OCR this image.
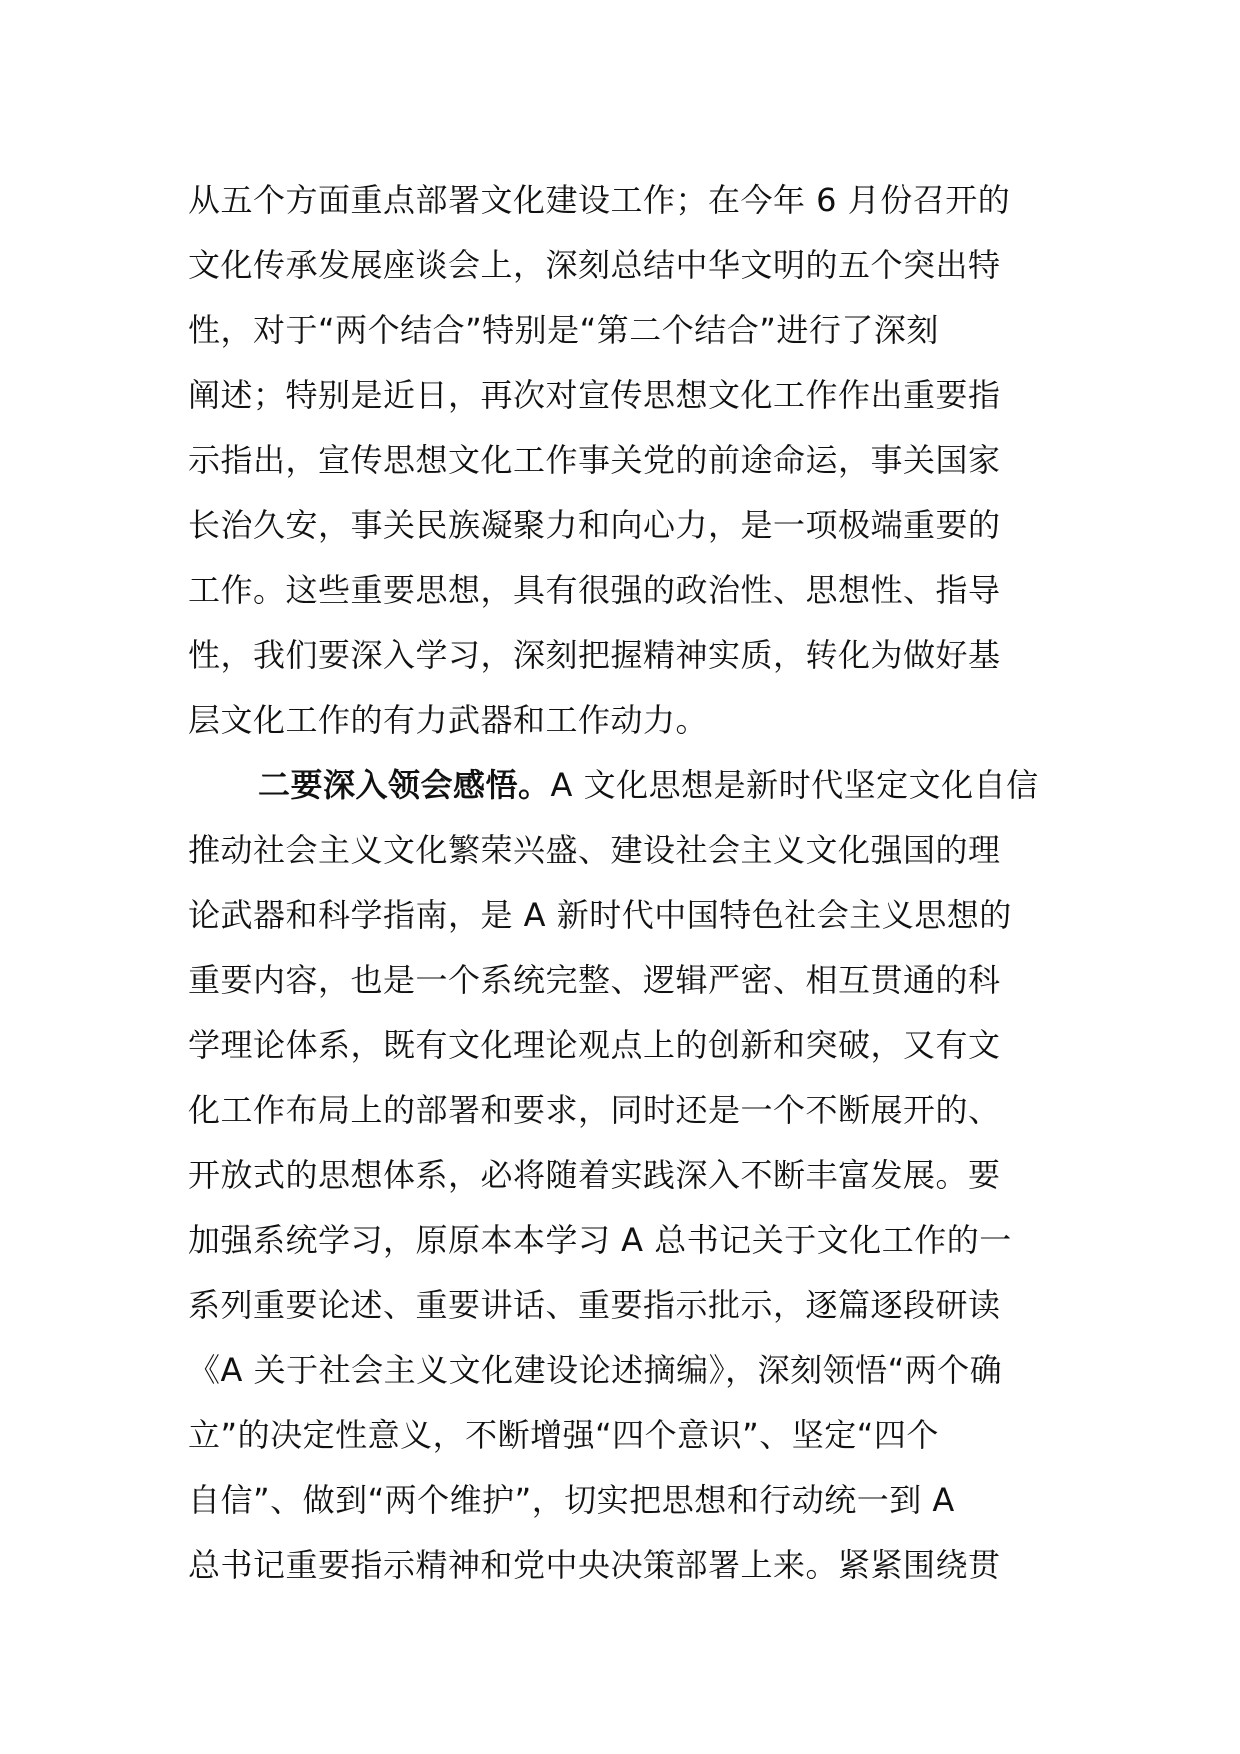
从五个方面重点部署文化建设工作；在今年 6 月份召开的
文化传承发展座谈会上，深刻总结中华文明的五个突出特
性，对于“两个结合”特别是“第二个结合”进行了深刻
阐述；特别是近日，再次对宣传思想文化工作作出重要指
示指出，宣传思想文化工作事关党的前途命运，事关国家
长治久安，事关民族凝聚力和向心力，是一项极端重要的
工作。这些重要思想，具有很强的政治性、思想性、指导
性，我们要深入学习，深刻把握精神实质，转化为做好基
层文化工作的有力武器和工作动力。
二要深入领会感悟。A 文化思想是新时代坚定文化自信
推动社会主义文化繁荣兴盛、建设社会主义文化强国的理
论武器和科学指南，是 A 新时代中国特色社会主义思想的
重要内容，也是一个系统完整、逻辑严密、相互贯通的科
学理论体系，既有文化理论观点上的创新和突破，又有文
化工作布局上的部署和要求，同时还是一个不断展开的、
开放式的思想体系，必将随着实践深入不断丰富发展。要
加强系统学习，原原本本学习 A 总书记关于文化工作的一
系列重要论述、重要讲话、重要指示批示，逐篇逐段研读
《A 关于社会主义文化建设论述摘编》，深刻领悟“两个确
立”的决定性意义，不断增强“四个意识”、坚定“四个
自信”、做到“两个维护”，切实把思想和行动统一到 A
总书记重要指示精神和党中央决策部署上来。紧紧围绕贯
